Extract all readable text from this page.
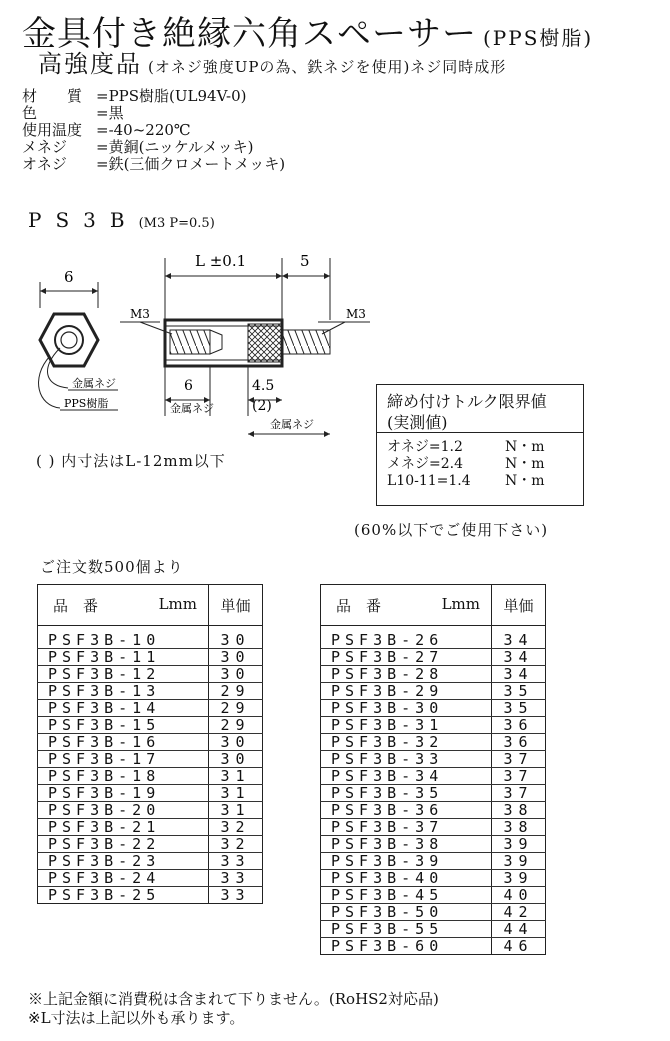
金具付き絶縁六角スペーサー (PPS樹脂)
高強度品 (オネジ強度UPの為、鉄ネジを使用)ネジ同時成形
材　　質 =PPS樹脂(UL94V-0)
色	=黒
使用温度 =-40~220℃
メネジ	=黄銅(ニッケルメッキ)
オネジ	=鉄(三価クロメートメッキ)
PS3B(M3 P=0.5)
6
金属ネジ
PPS樹脂
L ±0.1	5
M3	M3
6
金属ネジ
4.5
(2)
金属ネジ
( ) 内寸法はL-12mm以下
締め付けトルク限界値
(実測値)
オネジ=1.2	N・m
メネジ=2.4	N・m
L10-11=1.4 N・m
(60%以下でご使用下さい)
ご注文数500個より
品　番 Lmm	単価

PSF3B-10	30
PSF3B-11	30
PSF3B-12	30
PSF3B-13	29
PSF3B-14	29
PSF3B-15	29
PSF3B-16	30
PSF3B-17	30
PSF3B-18	31
PSF3B-19	31
PSF3B-20	31
PSF3B-21	32
PSF3B-22	32
PSF3B-23	33
PSF3B-24	33
PSF3B-25	33
品　番 Lmm	単価

PSF3B-26	34
PSF3B-27	34
PSF3B-28	34
PSF3B-29	35
PSF3B-30	35
PSF3B-31	36
PSF3B-32	36
PSF3B-33	37
PSF3B-34	37
PSF3B-35	37
PSF3B-36	38
PSF3B-37	38
PSF3B-38	39
PSF3B-39	39
PSF3B-40	39
PSF3B-45	40
PSF3B-50	42
PSF3B-55	44
PSF3B-60	46
※上記金額に消費税は含まれて下りません。(RoHS2対応品)
※L寸法は上記以外も承ります。
